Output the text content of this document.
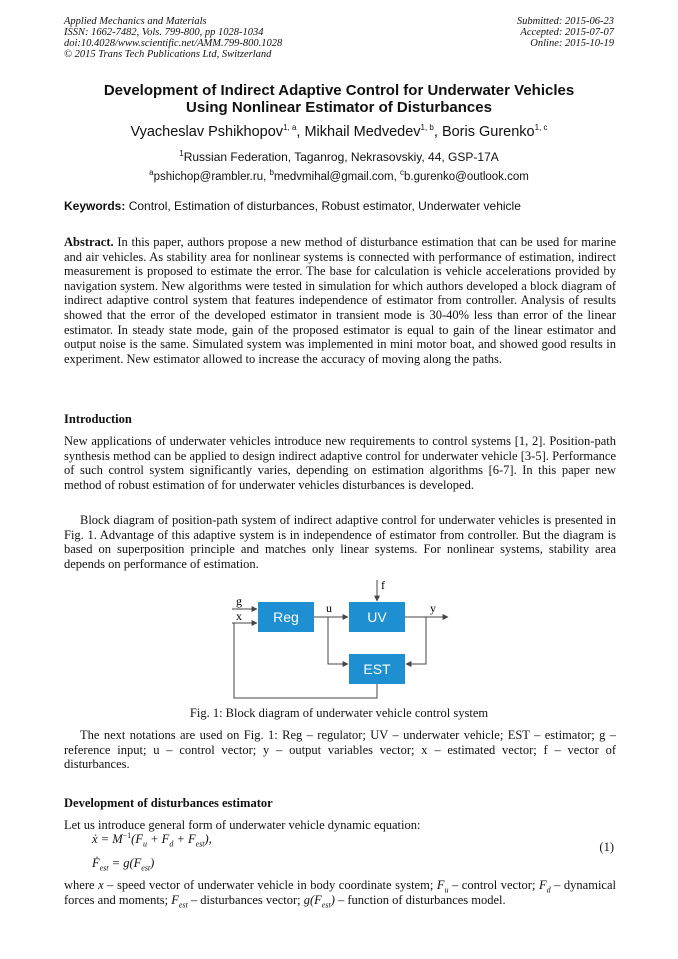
Applied Mechanics and Materials
ISSN: 1662-7482, Vols. 799-800, pp 1028-1034
doi:10.4028/www.scientific.net/AMM.799-800.1028
© 2015 Trans Tech Publications Ltd, Switzerland
Submitted: 2015-06-23
Accepted: 2015-07-07
Online: 2015-10-19
Development of Indirect Adaptive Control for Underwater Vehicles
Using Nonlinear Estimator of Disturbances
Vyacheslav Pshikhopov$^{1, a}$, Mikhail Medvedev$^{1, b}$, Boris Gurenko$^{1, c}$
$^1$Russian Federation, Taganrog, Nekrasovskiy, 44, GSP-17A
$^a$pshichop@rambler.ru, $^b$medvmihal@gmail.com, $^c$b.gurenko@outlook.com
Keywords: Control, Estimation of disturbances, Robust estimator, Underwater vehicle
Abstract. In this paper, authors propose a new method of disturbance estimation that can be used for marine and air vehicles. As stability area for nonlinear systems is connected with performance of estimation, indirect measurement is proposed to estimate the error. The base for calculation is vehicle accelerations provided by navigation system. New algorithms were tested in simulation for which authors developed a block diagram of indirect adaptive control system that features independence of estimator from controller. Analysis of results showed that the error of the developed estimator in transient mode is 30-40% less than error of the linear estimator. In steady state mode, gain of the proposed estimator is equal to gain of the linear estimator and output noise is the same. Simulated system was implemented in mini motor boat, and showed good results in experiment. New estimator allowed to increase the accuracy of moving along the paths.
Introduction
New applications of underwater vehicles introduce new requirements to control systems [1, 2]. Position-path synthesis method can be applied to design indirect adaptive control for underwater vehicle [3-5]. Performance of such control system significantly varies, depending on estimation algorithms [6-7]. In this paper new method of robust estimation of for underwater vehicles disturbances is developed.
Block diagram of position-path system of indirect adaptive control for underwater vehicles is presented in Fig. 1. Advantage of this adaptive system is in independence of estimator from controller. But the diagram is based on superposition principle and matches only linear systems. For nonlinear systems, stability area depends on performance of estimation.
Reg	UV
EST
g
x
u	y
f
Fig. 1: Block diagram of underwater vehicle control system
The next notations are used on Fig. 1: Reg – regulator; UV – underwater vehicle; EST – estimator; g – reference input; u – control vector; y – output variables vector; x – estimated vector; f – vector of disturbances.
Development of disturbances estimator
Let us introduce general form of underwater vehicle dynamic equation:
ẋ = $M^{-1}(F_u + F_d + F_{est})$,
Ḟ$_{est}$ = $g(F_{est})$
(1)
where x – speed vector of underwater vehicle in body coordinate system; $F_u$ – control vector; $F_d$ – dynamical forces and moments; $F_{est}$ – disturbances vector; $g(F_{est})$ – function of disturbances model.
